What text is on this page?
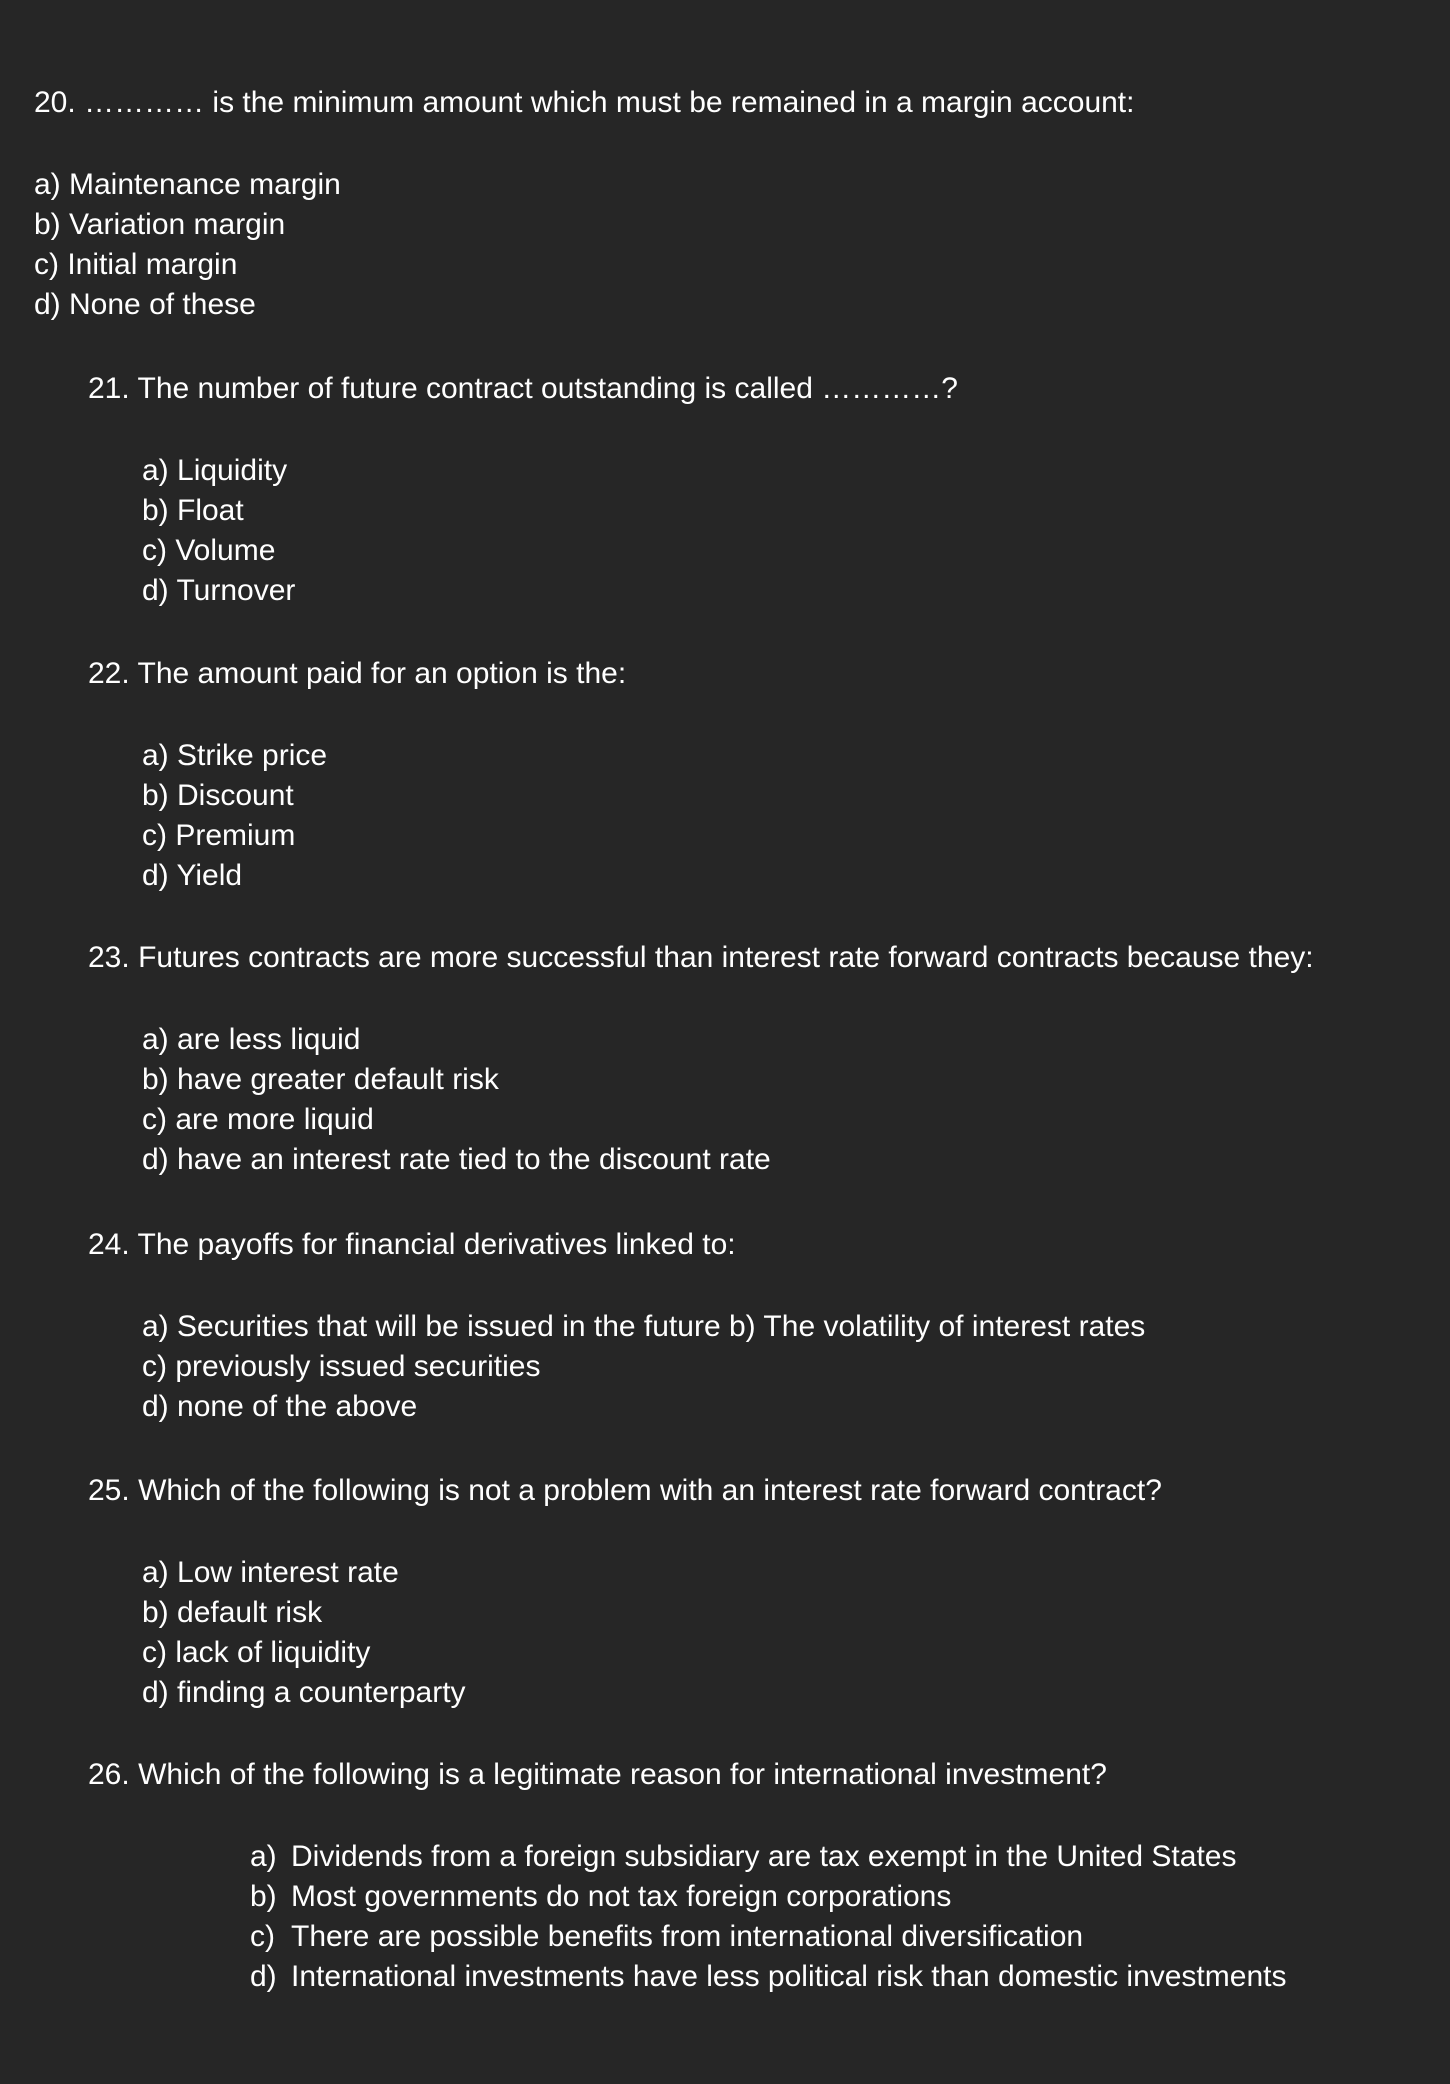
20. ………… is the minimum amount which must be remained in a margin account:
a) Maintenance margin
b) Variation margin
c) Initial margin
d) None of these
21. The number of future contract outstanding is called …………?
a) Liquidity
b) Float
c) Volume
d) Turnover
22. The amount paid for an option is the:
a) Strike price
b) Discount
c) Premium
d) Yield
23. Futures contracts are more successful than interest rate forward contracts because they:
a) are less liquid
b) have greater default risk
c) are more liquid
d) have an interest rate tied to the discount rate
24. The payoffs for financial derivatives linked to:
a) Securities that will be issued in the future b) The volatility of interest rates
c) previously issued securities
d) none of the above
25. Which of the following is not a problem with an interest rate forward contract?
a) Low interest rate
b) default risk
c) lack of liquidity
d) finding a counterparty
26. Which of the following is a legitimate reason for international investment?
a) Dividends from a foreign subsidiary are tax exempt in the United States
b) Most governments do not tax foreign corporations
c) There are possible benefits from international diversification
d) International investments have less political risk than domestic investments
